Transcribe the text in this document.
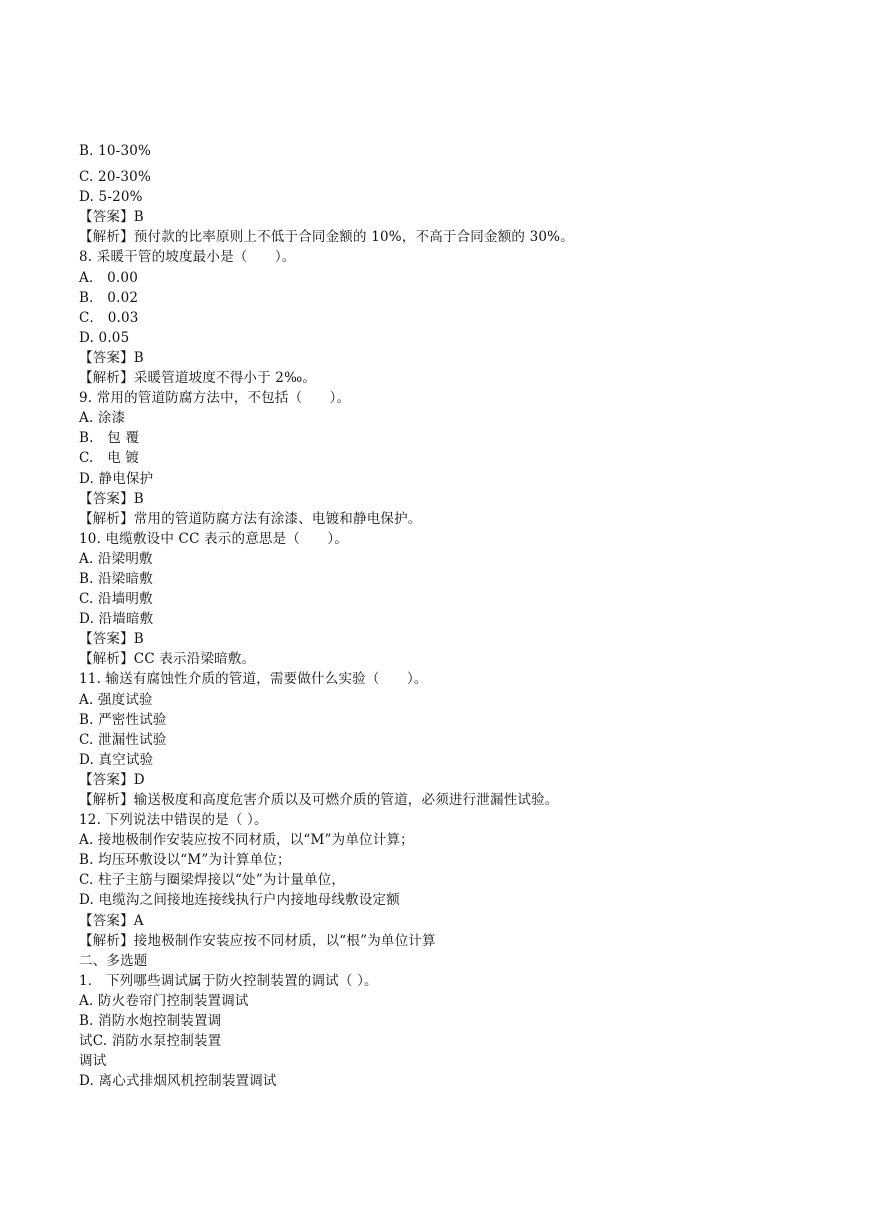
B. 10-30%
C. 20-30%
D. 5-20%
【答案】B
【解析】预付款的比率原则上不低于合同金额的 10%，不高于合同金额的 30%。
8. 采暖干管的坡度最小是（　　）。
A． 0.00
B． 0.02
C． 0.03
D. 0.05
【答案】B
【解析】采暖管道坡度不得小于 2‰。
9. 常用的管道防腐方法中，不包括（　　）。
A. 涂漆
B.　包 覆
C.　电 镀
D. 静电保护
【答案】B
【解析】常用的管道防腐方法有涂漆、电镀和静电保护。
10. 电缆敷设中 CC 表示的意思是（　　）。
A. 沿梁明敷
B. 沿梁暗敷
C. 沿墙明敷
D. 沿墙暗敷
【答案】B
【解析】CC 表示沿梁暗敷。
11. 输送有腐蚀性介质的管道，需要做什么实验（　　）。
A. 强度试验
B. 严密性试验
C. 泄漏性试验
D. 真空试验
【答案】D
【解析】输送极度和高度危害介质以及可燃介质的管道，必须进行泄漏性试验。
12. 下列说法中错误的是（ ）。
A. 接地极制作安装应按不同材质，以“M”为单位计算；
B. 均压环敷设以“M”为计算单位；
C. 柱子主筋与圈梁焊接以“处”为计量单位，
D. 电缆沟之间接地连接线执行户内接地母线敷设定额
【答案】A
【解析】接地极制作安装应按不同材质，以“根”为单位计算
二、多选题
1． 下列哪些调试属于防火控制装置的调试（ ）。
A. 防火卷帘门控制装置调试
B. 消防水炮控制装置调
试C. 消防水泵控制装置
调试
D. 离心式排烟风机控制装置调试
